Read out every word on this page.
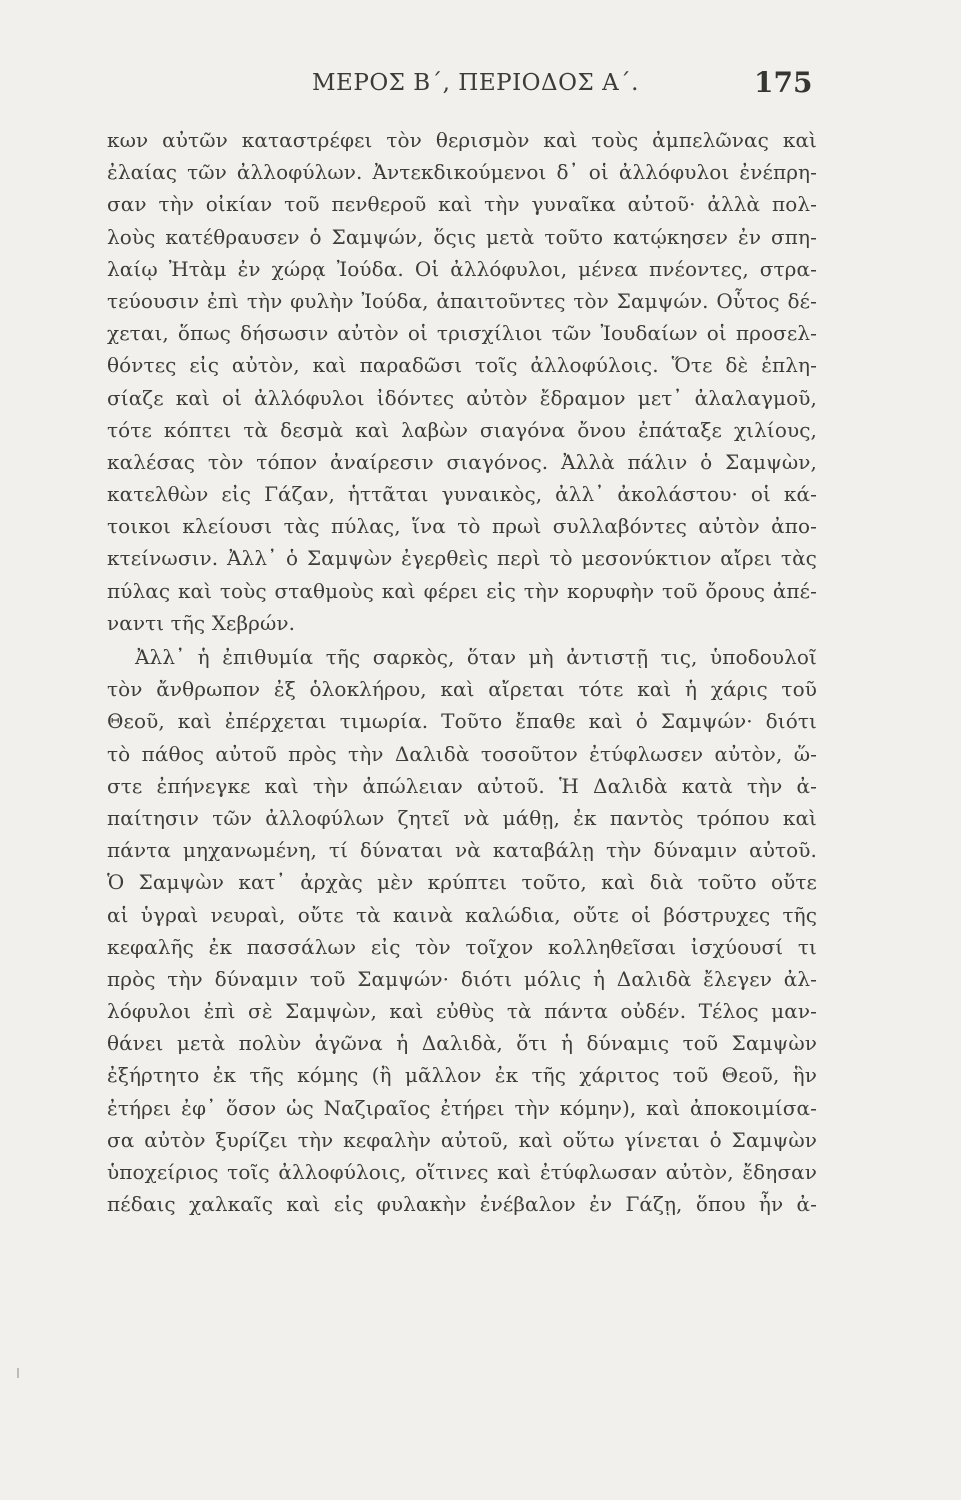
ΜΕΡΟΣ Β΄, ΠΕΡΙΟΔΟΣ Α΄.	175
κων αὐτῶν καταστρέφει τὸν θερισμὸν καὶ τοὺς ἀμπελῶνας καὶ
ἐλαίας τῶν ἀλλοφύλων. Ἀντεκδικούμενοι δ᾽ οἱ ἀλλόφυλοι ἐνέπρη-
σαν τὴν οἰκίαν τοῦ πενθεροῦ καὶ τὴν γυναῖκα αὐτοῦ· ἀλλὰ πολ-
λοὺς κατέθραυσεν ὁ Σαμψών, ὅςις μετὰ τοῦτο κατῴκησεν ἐν σπη-
λαίῳ Ἠτὰμ ἐν χώρᾳ Ἰούδα. Οἱ ἀλλόφυλοι, μένεα πνέοντες, στρα-
τεύουσιν ἐπὶ τὴν φυλὴν Ἰούδα, ἀπαιτοῦντες τὸν Σαμψών. Οὗτος δέ-
χεται, ὅπως δήσωσιν αὐτὸν οἱ τρισχίλιοι τῶν Ἰουδαίων οἱ προσελ-
θόντες εἰς αὐτὸν, καὶ παραδῶσι τοῖς ἀλλοφύλοις. Ὅτε δὲ ἐπλη-
σίαζε καὶ οἱ ἀλλόφυλοι ἰδόντες αὐτὸν ἔδραμον μετ᾽ ἀλαλαγμοῦ,
τότε κόπτει τὰ δεσμὰ καὶ λαβὼν σιαγόνα ὄνου ἐπάταξε χιλίους,
καλέσας τὸν τόπον ἀναίρεσιν σιαγόνος. Ἀλλὰ πάλιν ὁ Σαμψὼν,
κατελθὼν εἰς Γάζαν, ἡττᾶται γυναικὸς, ἀλλ᾽ ἀκολάστου· οἱ κά-
τοικοι κλείουσι τὰς πύλας, ἵνα τὸ πρωὶ συλλαβόντες αὐτὸν ἀπο-
κτείνωσιν. Ἀλλ᾽ ὁ Σαμψὼν ἐγερθεὶς περὶ τὸ μεσονύκτιον αἴρει τὰς
πύλας καὶ τοὺς σταθμοὺς καὶ φέρει εἰς τὴν κορυφὴν τοῦ ὄρους ἀπέ-
ναντι τῆς Χεβρών.
Ἀλλ᾽ ἡ ἐπιθυμία τῆς σαρκὸς, ὅταν μὴ ἀντιστῇ τις, ὑποδουλοῖ
τὸν ἄνθρωπον ἐξ ὁλοκλήρου, καὶ αἴρεται τότε καὶ ἡ χάρις τοῦ
Θεοῦ, καὶ ἐπέρχεται τιμωρία. Τοῦτο ἔπαθε καὶ ὁ Σαμψών· διότι
τὸ πάθος αὐτοῦ πρὸς τὴν Δαλιδὰ τοσοῦτον ἐτύφλωσεν αὐτὸν, ὥ-
στε ἐπήνεγκε καὶ τὴν ἀπώλειαν αὐτοῦ. Ἡ Δαλιδὰ κατὰ τὴν ἀ-
παίτησιν τῶν ἀλλοφύλων ζητεῖ νὰ μάθῃ, ἐκ παντὸς τρόπου καὶ
πάντα μηχανωμένη, τί δύναται νὰ καταβάλῃ τὴν δύναμιν αὐτοῦ.
Ὁ Σαμψὼν κατ᾽ ἀρχὰς μὲν κρύπτει τοῦτο, καὶ διὰ τοῦτο οὔτε
αἱ ὑγραὶ νευραὶ, οὔτε τὰ καινὰ καλώδια, οὔτε οἱ βόστρυχες τῆς
κεφαλῆς ἐκ πασσάλων εἰς τὸν τοῖχον κολληθεῖσαι ἰσχύουσί τι
πρὸς τὴν δύναμιν τοῦ Σαμψών· διότι μόλις ἡ Δαλιδὰ ἔλεγεν ἀλ-
λόφυλοι ἐπὶ σὲ Σαμψὼν, καὶ εὐθὺς τὰ πάντα οὐδέν. Τέλος μαν-
θάνει μετὰ πολὺν ἀγῶνα ἡ Δαλιδὰ, ὅτι ἡ δύναμις τοῦ Σαμψὼν
ἐξήρτητο ἐκ τῆς κόμης (ἢ μᾶλλον ἐκ τῆς χάριτος τοῦ Θεοῦ, ἣν
ἐτήρει ἐφ᾽ ὅσον ὡς Ναζιραῖος ἐτήρει τὴν κόμην), καὶ ἀποκοιμίσα-
σα αὐτὸν ξυρίζει τὴν κεφαλὴν αὐτοῦ, καὶ οὕτω γίνεται ὁ Σαμψὼν
ὑποχείριος τοῖς ἀλλοφύλοις, οἵτινες καὶ ἐτύφλωσαν αὐτὸν, ἔδησαν
πέδαις χαλκαῖς καὶ εἰς φυλακὴν ἐνέβαλον ἐν Γάζῃ, ὅπου ἦν ἀ-
